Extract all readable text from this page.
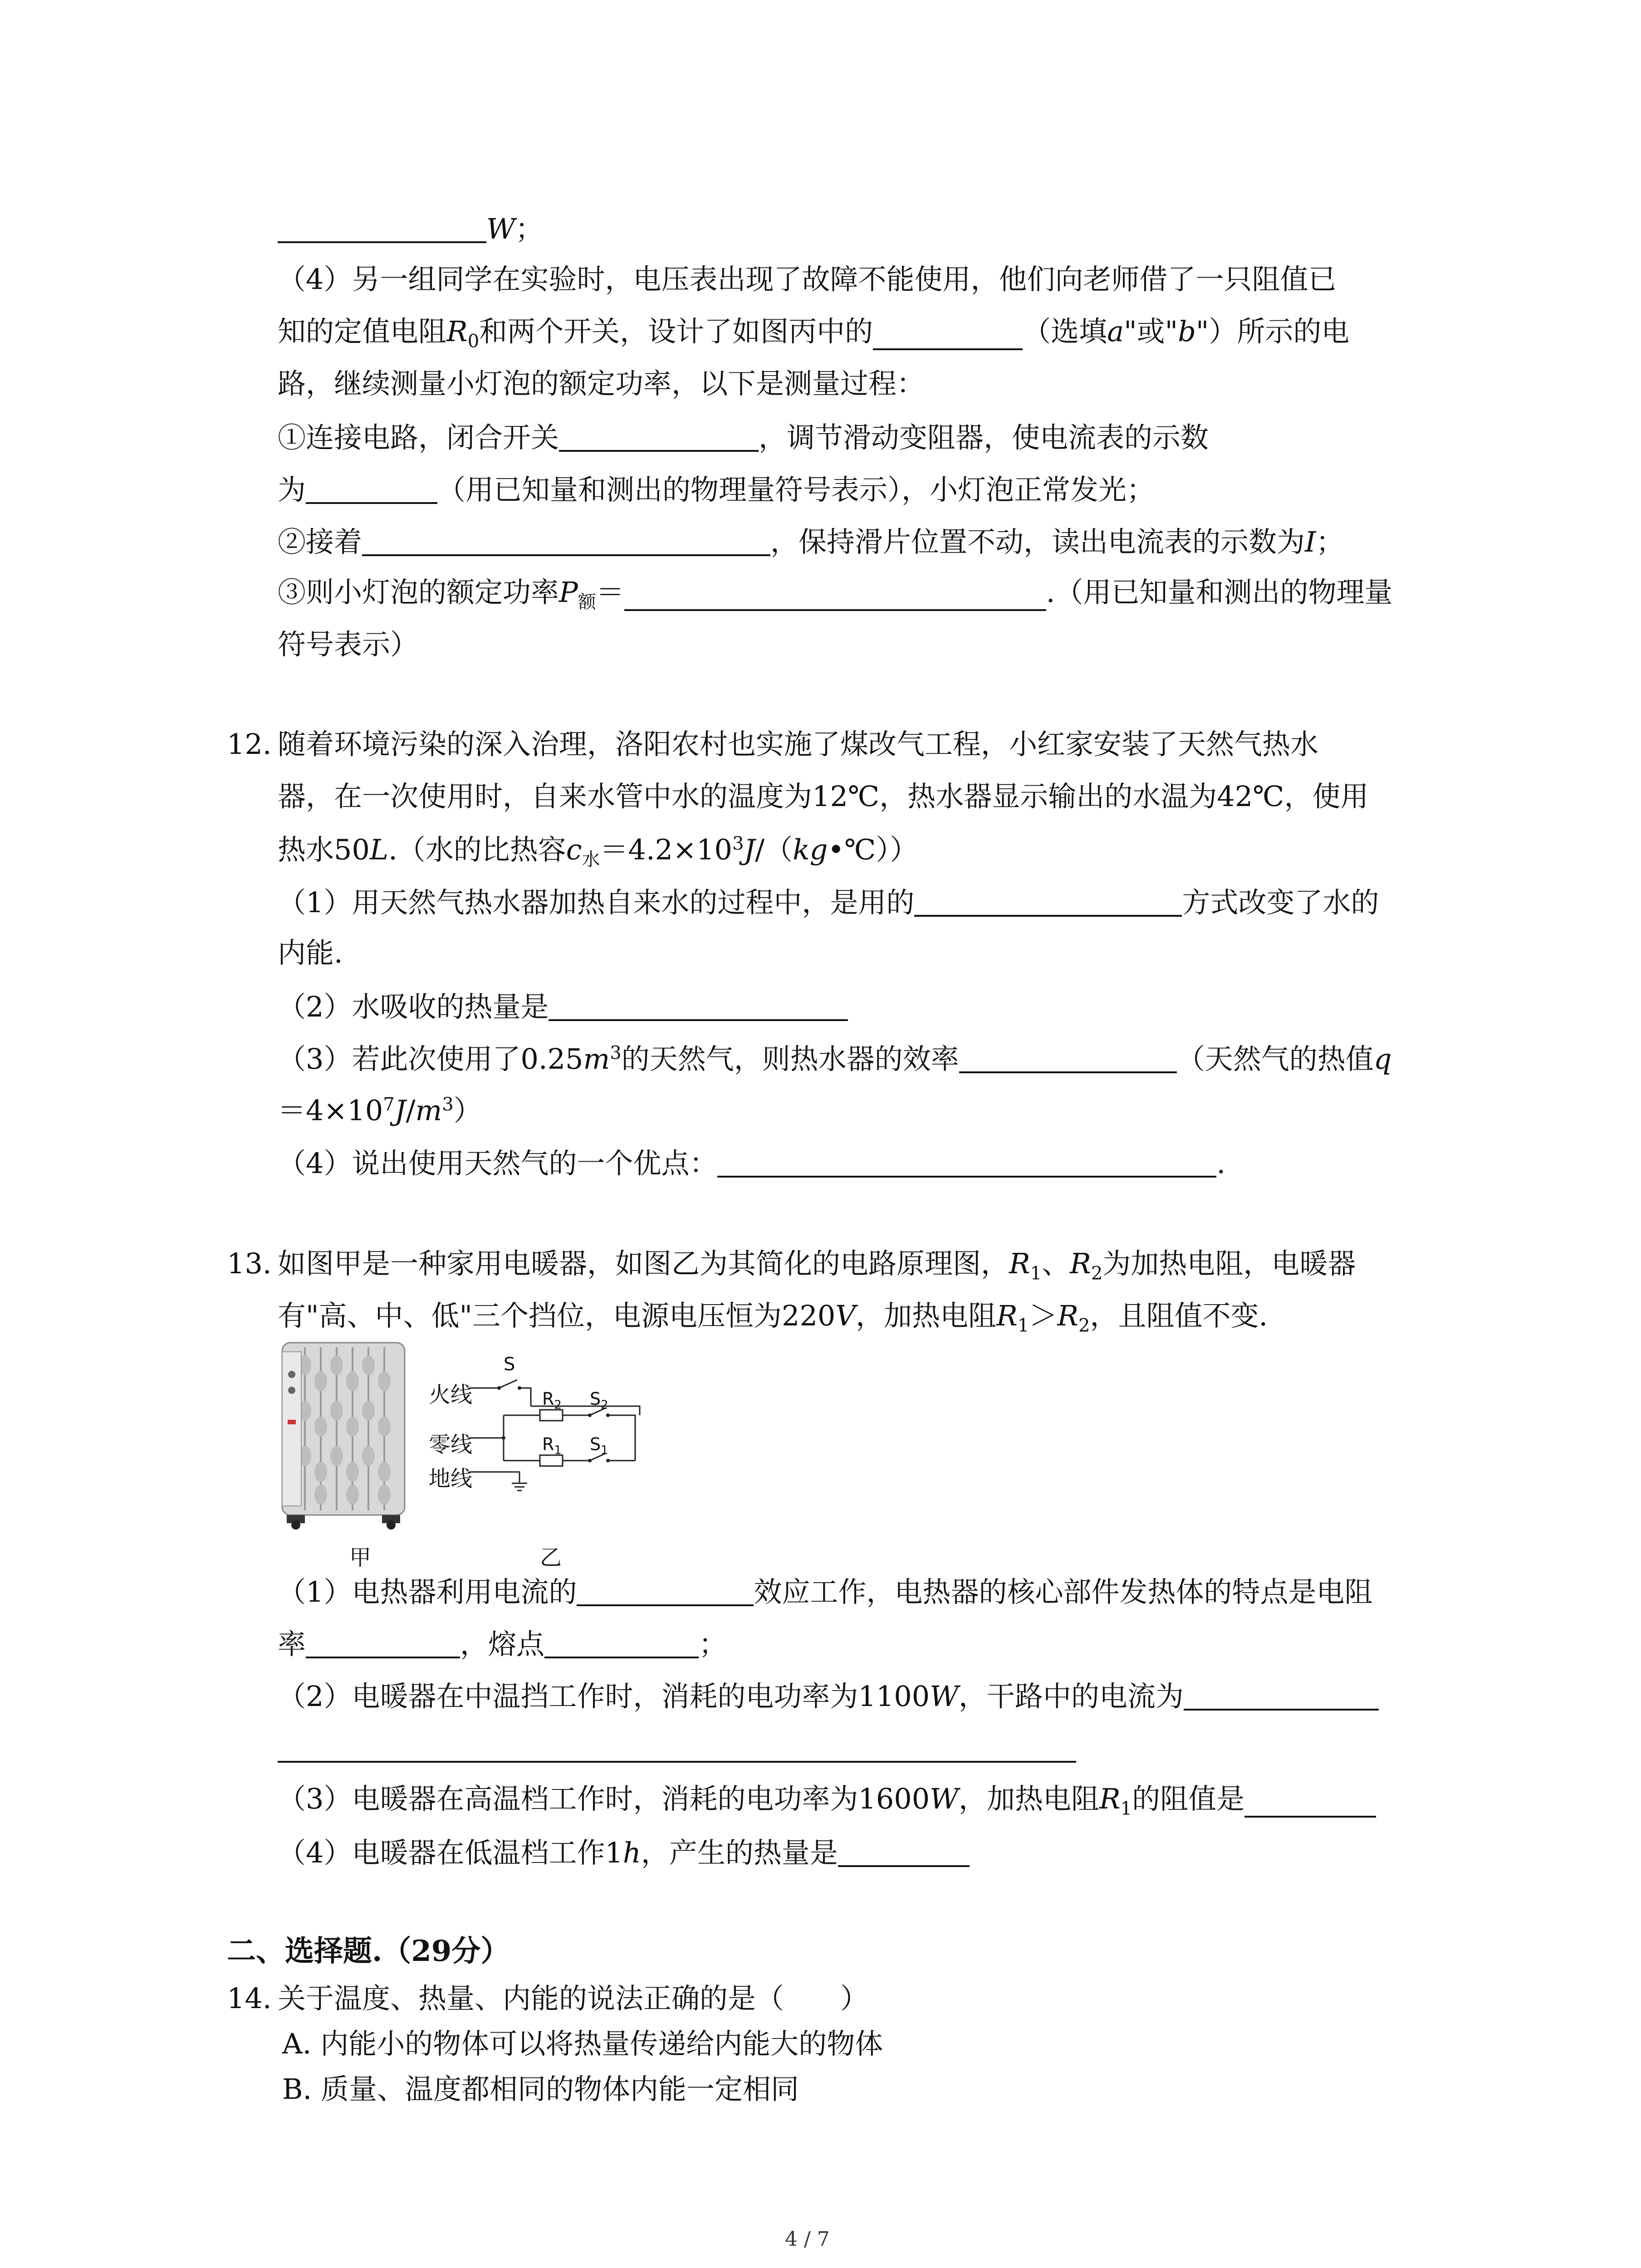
W；
（4）另一组同学在实验时，电压表出现了故障不能使用，他们向老师借了一只阻值已
知的定值电阻$R_0$和两个开关，设计了如图丙中的	（选填a"或"b"）所示的电
路，继续测量小灯泡的额定功率，以下是测量过程：
①连接电路，闭合开关	，调节滑动变阻器，使电流表的示数
为	（用已知量和测出的物理量符号表示），小灯泡正常发光；
②接着	，保持滑片位置不动，读出电流表的示数为I；
③则小灯泡的额定功率$P_额=$	.（用已知量和测出的物理量
符号表示）
12. 随着环境污染的深入治理，洛阳农村也实施了煤改气工程，小红家安装了天然气热水
器，在一次使用时，自来水管中水的温度为12℃，热水器显示输出的水温为42℃，使用
热水50L.（水的比热容$c_水=4.2\times 10^3J/(kg•℃)$）
（1）用天然气热水器加热自来水的过程中，是用的	方式改变了水的
内能.
（2）水吸收的热量是
（3）若此次使用了$0.25m^3$的天然气，则热水器的效率	（天然气的热值q
$=4\times 10^7J/m^3$）
（4）说出使用天然气的一个优点：	.
13. 如图甲是一种家用电暖器，如图乙为其简化的电路原理图，$R_1$、$R_2$为加热电阻，电暖器
有"高、中、低"三个挡位，电源电压恒为220V，加热电阻$R_1>R_2$，且阻值不变.
火线
零线
地线
S
$R_2$ $S_2$
$R_1$ $S_1$
甲	乙
（1）电热器利用电流的	效应工作，电热器的核心部件发热体的特点是电阻
率	，熔点	；
（2）电暖器在中温挡工作时，消耗的电功率为1100W，干路中的电流为
（3）电暖器在高温档工作时，消耗的电功率为1600W，加热电阻$R_1$的阻值是
（4）电暖器在低温档工作1h，产生的热量是
二、选择题.（29分）
14. 关于温度、热量、内能的说法正确的是（　　）
A. 内能小的物体可以将热量传递给内能大的物体
B. 质量、温度都相同的物体内能一定相同
4 / 7
